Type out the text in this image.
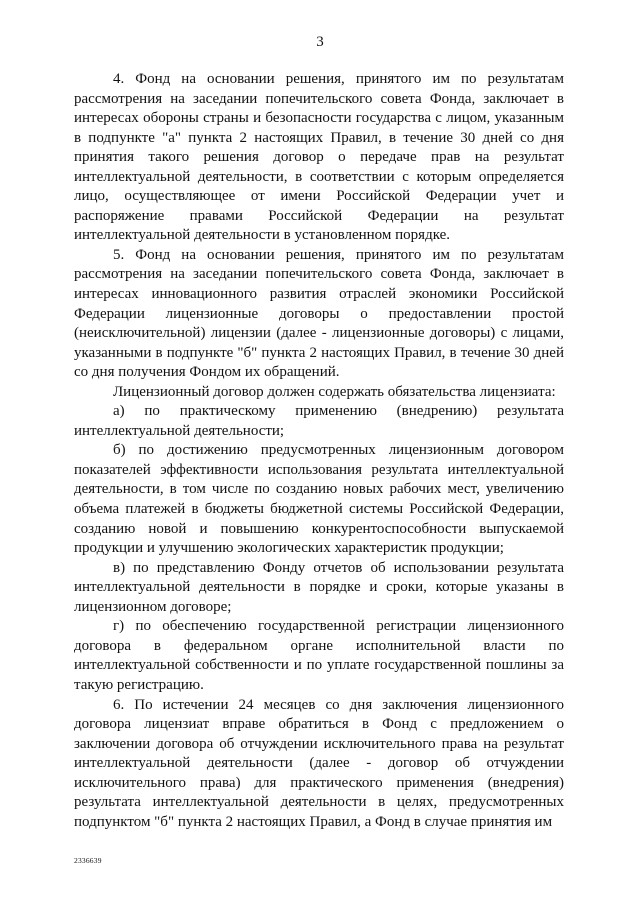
3

4. Фонд на основании решения, принятого им по результатам рассмотрения на заседании попечительского совета Фонда, заключает в интересах обороны страны и безопасности государства с лицом, указанным в подпункте "а" пункта 2 настоящих Правил, в течение 30 дней со дня принятия такого решения договор о передаче прав на результат интеллектуальной деятельности, в соответствии с которым определяется лицо, осуществляющее от имени Российской Федерации учет и распоряжение правами Российской Федерации на результат интеллектуальной деятельности в установленном порядке.

5. Фонд на основании решения, принятого им по результатам рассмотрения на заседании попечительского совета Фонда, заключает в интересах инновационного развития отраслей экономики Российской Федерации лицензионные договоры о предоставлении простой (неисключительной) лицензии (далее - лицензионные договоры) с лицами, указанными в подпункте "б" пункта 2 настоящих Правил, в течение 30 дней со дня получения Фондом их обращений.

Лицензионный договор должен содержать обязательства лицензиата:

а) по практическому применению (внедрению) результата интеллектуальной деятельности;

б) по достижению предусмотренных лицензионным договором показателей эффективности использования результата интеллектуальной деятельности, в том числе по созданию новых рабочих мест, увеличению объема платежей в бюджеты бюджетной системы Российской Федерации, созданию новой и повышению конкурентоспособности выпускаемой продукции и улучшению экологических характеристик продукции;

в) по представлению Фонду отчетов об использовании результата интеллектуальной деятельности в порядке и сроки, которые указаны в лицензионном договоре;

г) по обеспечению государственной регистрации лицензионного договора в федеральном органе исполнительной власти по интеллектуальной собственности и по уплате государственной пошлины за такую регистрацию.

6. По истечении 24 месяцев со дня заключения лицензионного договора лицензиат вправе обратиться в Фонд с предложением о заключении договора об отчуждении исключительного права на результат интеллектуальной деятельности (далее - договор об отчуждении исключительного права) для практического применения (внедрения) результата интеллектуальной деятельности в целях, предусмотренных подпунктом "б" пункта 2 настоящих Правил, а Фонд в случае принятия им

2336639
